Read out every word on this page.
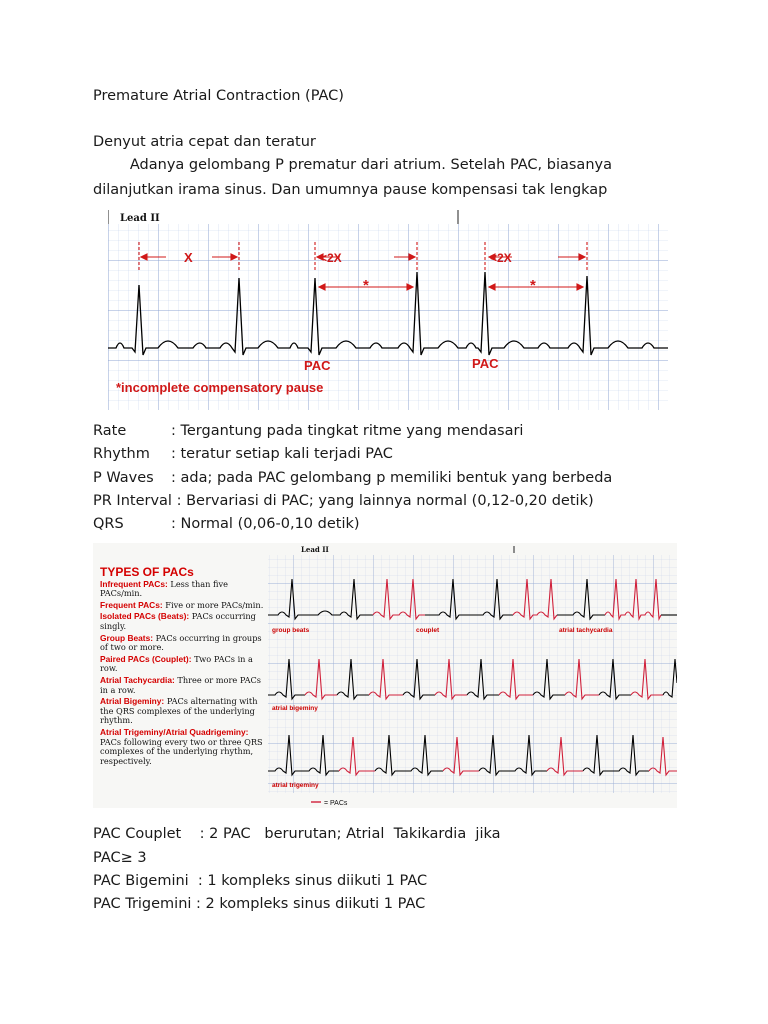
Premature Atrial Contraction (PAC)
Denyut atria cepat dan teratur
Adanya gelombang P prematur dari atrium. Setelah PAC, biasanya
dilanjutkan irama sinus. Dan umumnya pause kompensasi tak lengkap
Lead II
X	<2X	<2X
*	*
PAC	PAC
*incomplete compensatory pause
Rate	: Tergantung pada tingkat ritme yang mendasari
Rhythm : teratur setiap kali terjadi PAC
P Waves : ada; pada PAC gelombang p memiliki bentuk yang berbeda
PR Interval : Bervariasi di PAC; yang lainnya normal (0,12-0,20 detik)
QRS	: Normal (0,06-0,10 detik)
Lead II
group beats	couplet	atrial tachycardia
atrial bigeminy
atrial trigeminy
= PACs
TYPES OF PACs
Infrequent PACs: Less than five PACs/min.
Frequent PACs: Five or more PACs/min.
Isolated PACs (Beats): PACs occurring singly.
Group Beats: PACs occurring in groups of two or more.
Paired PACs (Couplet): Two PACs in a row.
Atrial Tachycardia: Three or more PACs in a row.
Atrial Bigeminy: PACs alternating with the QRS complexes of the underlying rhythm.
Atrial Trigeminy/Atrial Quadrigeminy: PACs following every two or three QRS complexes of the underlying rhythm, respectively.
PAC Couplet    : 2 PAC   berurutan; Atrial  Takikardia  jika
PAC≥ 3
PAC Bigemini  : 1 kompleks sinus diikuti 1 PAC
PAC Trigemini : 2 kompleks sinus diikuti 1 PAC
